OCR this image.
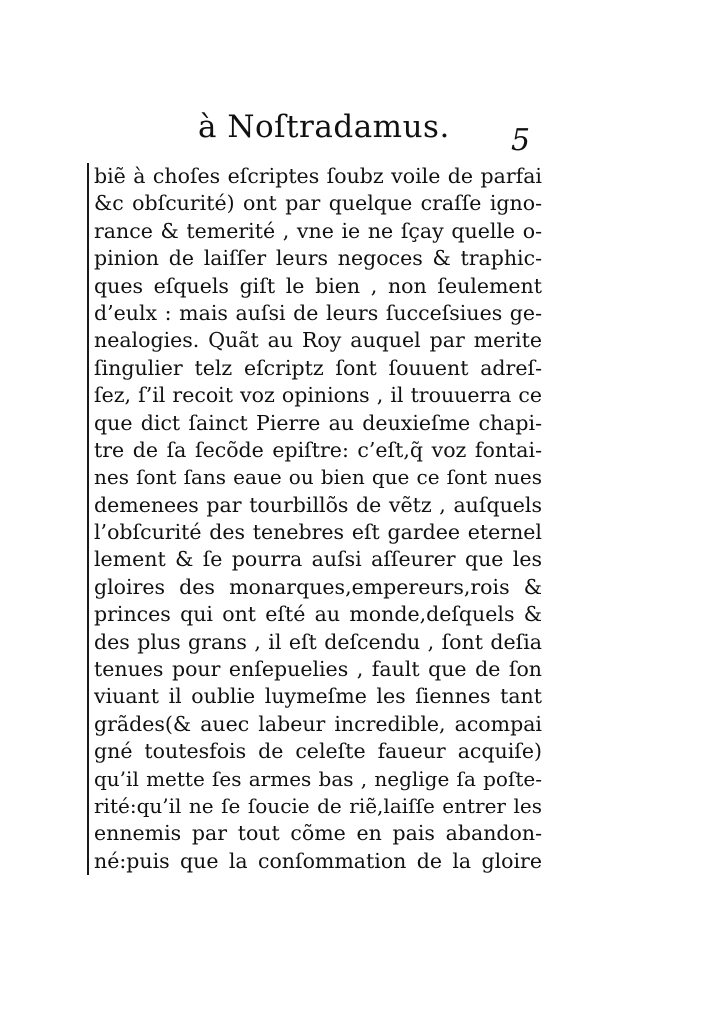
à Noſtradamus. 5
biẽ à choſes eſcriptes ſoubz voile de parfai
&c obſcurité) ont par quelque craſſe igno-
rance & temerité , vne ie ne ſçay quelle o-
pinion de laiſſer leurs negoces & traphic-
ques eſquels giſt le bien , non ſeulement
d’eulx : mais auſsi de leurs ſucceſsiues ge-
nealogies. Quãt au Roy auquel par merite
ſingulier telz eſcriptz ſont ſouuent adreſ-
ſez, ſ’il recoit voz opinions , il trouuerra ce
que dict ſainct Pierre au deuxieſme chapi-
tre de ſa ſecõde epiſtre: c’eſt,q̃ voz fontai-
nes ſont ſans eaue ou bien que ce ſont nues
demenees par tourbillõs de vẽtz , auſquels
l’obſcurité des tenebres eſt gardee eternel
lement & ſe pourra auſsi aſſeurer que les
gloires des monarques,empereurs,rois &
princes qui ont eſté au monde,deſquels &
des plus grans , il eſt deſcendu , ſont deſia
tenues pour enſepuelies , fault que de ſon
viuant il oublie luymeſme les ſiennes tant
grãdes(& auec labeur incredible, acompai
gné toutesfois de celeſte faueur acquiſe)
qu’il mette ſes armes bas , neglige ſa poſte-
rité:qu’il ne ſe ſoucie de riẽ,laiſſe entrer les
ennemis par tout cõme en pais abandon-
né:puis que la conſommation de la gloire
